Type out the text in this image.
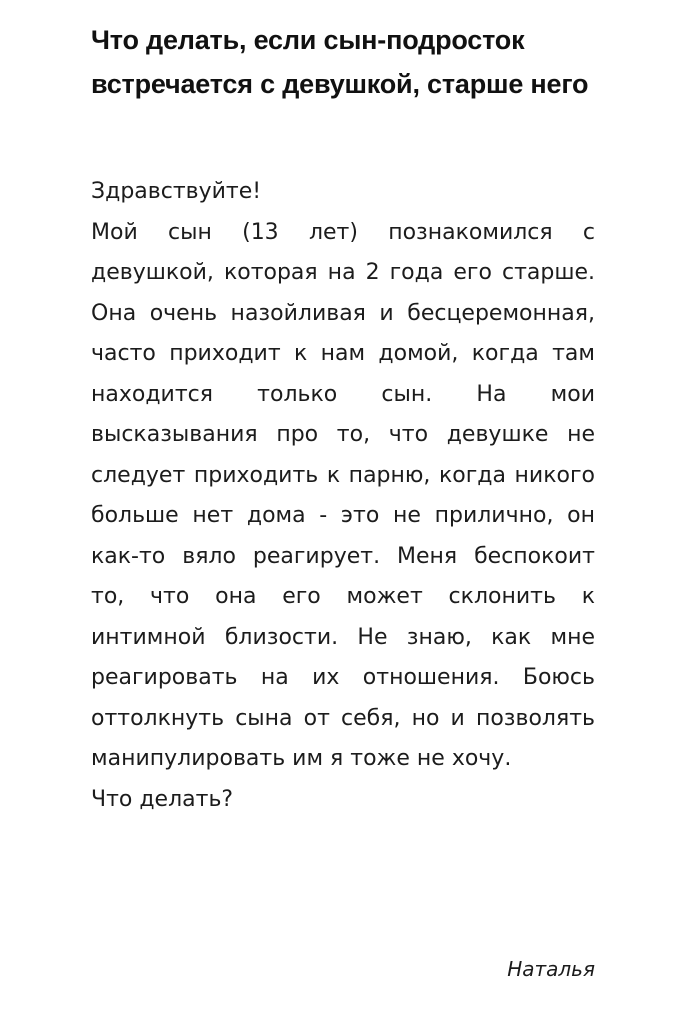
Что делать, если сын-подросток встречается с девушкой, старше него

Здравствуйте!

Мой сын (13 лет) познакомился с девушкой, которая на 2 года его старше. Она очень назойливая и бесцеремонная, часто приходит к нам домой, когда там находится только сын. На мои высказывания про то, что девушке не следует приходить к парню, когда никого больше нет дома - это не прилично, он как-то вяло реагирует. Меня беспокоит то, что она его может склонить к интимной близости. Не знаю, как мне реагировать на их отношения. Боюсь оттолкнуть сына от себя, но и позволять манипулировать им я тоже не хочу.

Что делать?

Наталья
